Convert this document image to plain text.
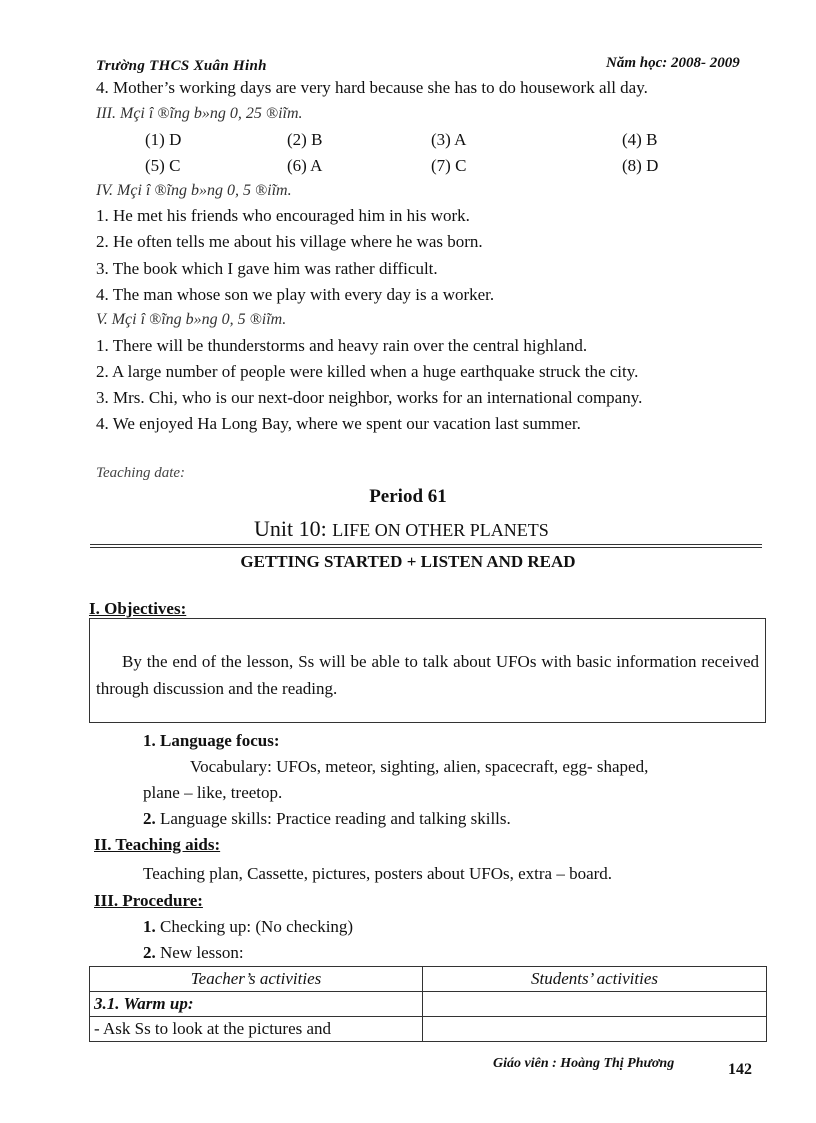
Trường THCS Xuân Hinh	Năm học: 2008- 2009
4. Mother’s working days are very hard because she has to do housework all day.
III. Mçi î ®ĩng b»ng 0, 25 ®iĩm.
(1) D	(2) B	(3) A	(4) B
(5) C	(6) A	(7) C	(8) D
IV. Mçi î ®ĩng b»ng 0, 5 ®iĩm.
1. He met his friends who encouraged him in his work.
2. He often tells me about his village where he was born.
3. The book which I gave him was rather difficult.
4. The man whose son we play with every day is a worker.
V. Mçi î ®ĩng b»ng 0, 5 ®iĩm.
1. There will be thunderstorms and heavy rain over the central highland.
2. A large number of people were killed when a huge earthquake struck the city.
3. Mrs. Chi, who is our next-door neighbor, works for an international company.
4. We enjoyed Ha Long Bay, where we spent our vacation last summer.
Teaching date:
Period 61
Unit 10: LIFE ON OTHER PLANETS
GETTING STARTED + LISTEN AND READ
I. Objectives:
By the end of the lesson, Ss will be able to talk about UFOs with basic information received through discussion and the reading.
1. Language focus:
Vocabulary: UFOs, meteor, sighting, alien, spacecraft, egg- shaped,
plane – like, treetop.
2. Language skills: Practice reading and talking skills.
II. Teaching aids:
Teaching plan, Cassette, pictures, posters about UFOs, extra – board.
III. Procedure:
1. Checking up: (No checking)
2. New lesson:
Teacher’s activities	Students’ activities
3.1. Warm up:	
- Ask Ss to look at the pictures and	
Giáo viên : Hoàng Thị Phương	142
